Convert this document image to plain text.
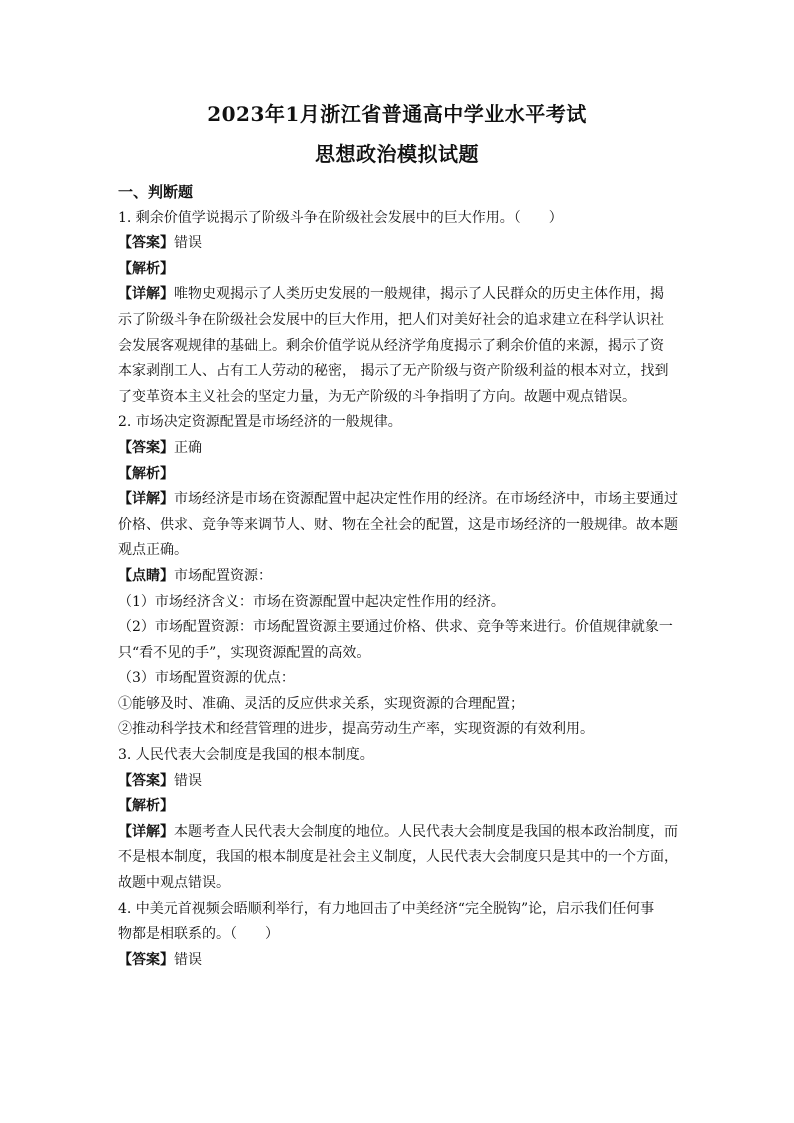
2023年1月浙江省普通高中学业水平考试
思想政治模拟试题
一、判断题
1. 剩余价值学说揭示了阶级斗争在阶级社会发展中的巨大作用。（　　）
【答案】错误
【解析】
【详解】唯物史观揭示了人类历史发展的一般规律，揭示了人民群众的历史主体作用，揭
示了阶级斗争在阶级社会发展中的巨大作用，把人们对美好社会的追求建立在科学认识社
会发展客观规律的基础上。剩余价值学说从经济学角度揭示了剩余价值的来源，揭示了资
本家剥削工人、占有工人劳动的秘密， 揭示了无产阶级与资产阶级利益的根本对立，找到
了变革资本主义社会的坚定力量，为无产阶级的斗争指明了方向。故题中观点错误。
2. 市场决定资源配置是市场经济的一般规律。
【答案】正确
【解析】
【详解】市场经济是市场在资源配置中起决定性作用的经济。在市场经济中，市场主要通过
价格、供求、竞争等来调节人、财、物在全社会的配置，这是市场经济的一般规律。故本题
观点正确。
【点睛】市场配置资源：
（1）市场经济含义：市场在资源配置中起决定性作用的经济。
（2）市场配置资源：市场配置资源主要通过价格、供求、竞争等来进行。价值规律就象一
只“看不见的手”，实现资源配置的高效。
（3）市场配置资源的优点：
①能够及时、准确、灵活的反应供求关系，实现资源的合理配置；
②推动科学技术和经营管理的进步，提高劳动生产率，实现资源的有效利用。
3. 人民代表大会制度是我国的根本制度。
【答案】错误
【解析】
【详解】本题考查人民代表大会制度的地位。人民代表大会制度是我国的根本政治制度，而
不是根本制度，我国的根本制度是社会主义制度，人民代表大会制度只是其中的一个方面，
故题中观点错误。
4. 中美元首视频会晤顺利举行，有力地回击了中美经济“完全脱钩”论，启示我们任何事
物都是相联系的。（　　）
【答案】错误
